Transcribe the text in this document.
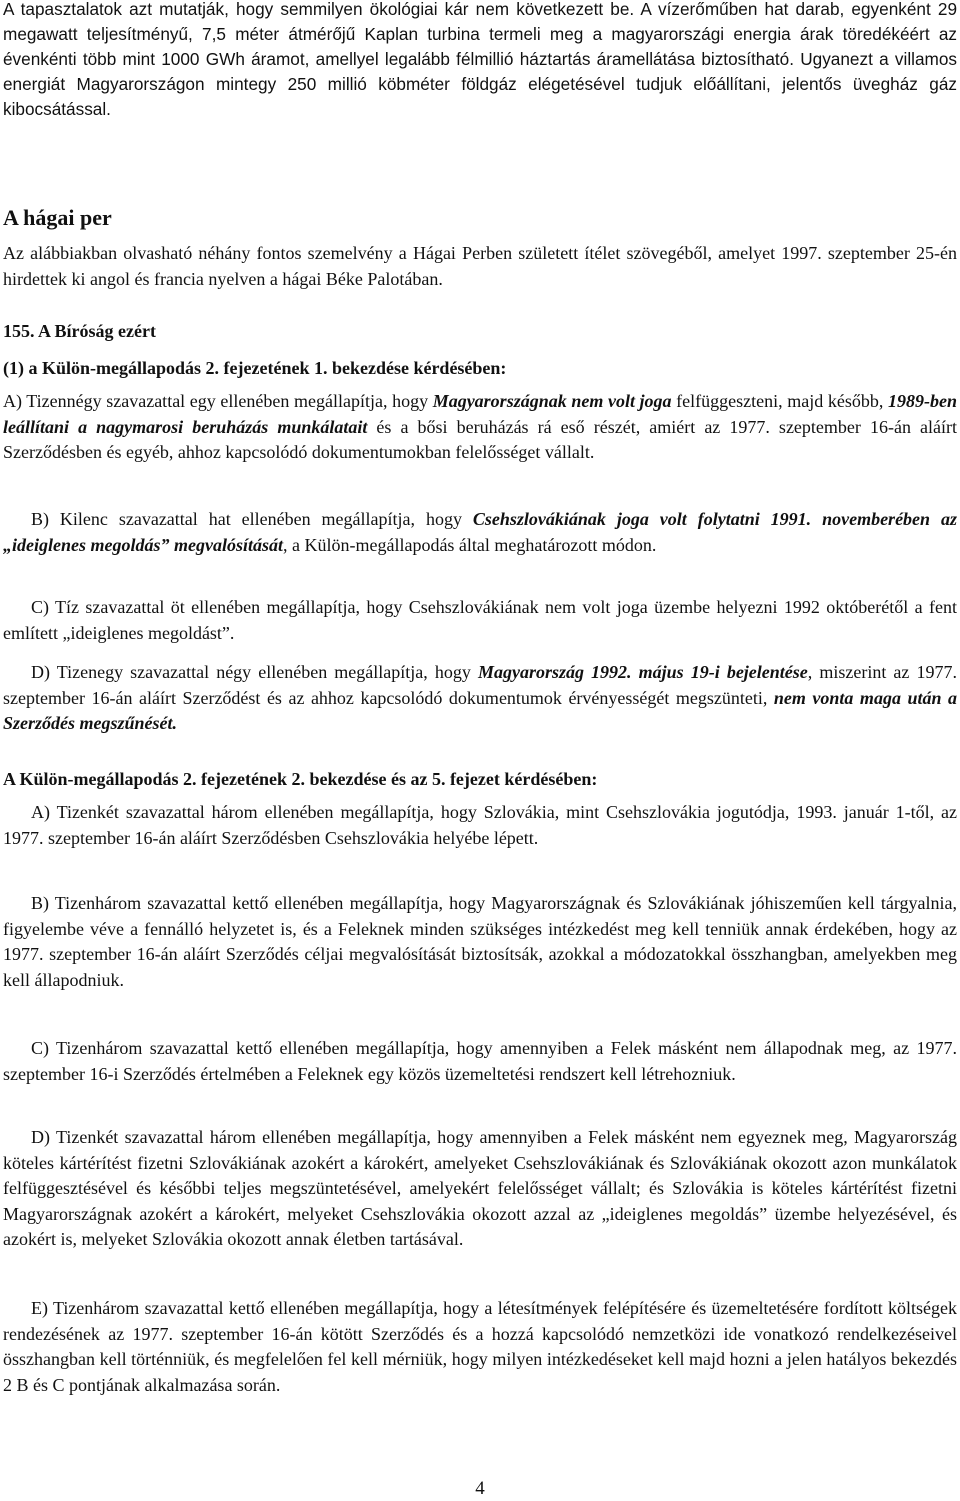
A tapasztalatok azt mutatják, hogy semmilyen ökológiai kár nem következett be. A vízerőműben hat darab, egyenként 29 megawatt teljesítményű, 7,5 méter átmérőjű Kaplan turbina termeli meg a magyarországi energia árak töredékéért az évenkénti több mint 1000 GWh áramot, amellyel legalább félmillió háztartás áramellátása biztosítható. Ugyanezt a villamos energiát Magyarországon mintegy 250 millió köbméter földgáz elégetésével tudjuk előállítani, jelentős üvegház gáz kibocsátással.

A hágai per

Az alábbiakban olvasható néhány fontos szemelvény a Hágai Perben született ítélet szövegéből, amelyet 1997. szeptember 25-én hirdettek ki angol és francia nyelven a hágai Béke Palotában.

155. A Bíróság ezért
(1) a Külön-megállapodás 2. fejezetének 1. bekezdése kérdésében:

A) Tizennégy szavazattal egy ellenében megállapítja, hogy Magyarországnak nem volt joga felfüggeszteni, majd később, 1989-ben leállítani a nagymarosi beruházás munkálatait és a bősi beruházás rá eső részét, amiért az 1977. szeptember 16-án aláírt Szerződésben és egyéb, ahhoz kapcsolódó dokumentumokban felelősséget vállalt.

B) Kilenc szavazattal hat ellenében megállapítja, hogy Csehszlovákiának joga volt folytatni 1991. novemberében az „ideiglenes megoldás” megvalósítását, a Külön-megállapodás által meghatározott módon.

C) Tíz szavazattal öt ellenében megállapítja, hogy Csehszlovákiának nem volt joga üzembe helyezni 1992 októberétől a fent említett „ideiglenes megoldást”.

D) Tizenegy szavazattal négy ellenében megállapítja, hogy Magyarország 1992. május 19-i bejelentése, miszerint az 1977. szeptember 16-án aláírt Szerződést és az ahhoz kapcsolódó dokumentumok érvényességét megszünteti, nem vonta maga után a Szerződés megszűnését.

A Külön-megállapodás 2. fejezetének 2. bekezdése és az 5. fejezet kérdésében:

A) Tizenkét szavazattal három ellenében megállapítja, hogy Szlovákia, mint Csehszlovákia jogutódja, 1993. január 1-től, az 1977. szeptember 16-án aláírt Szerződésben Csehszlovákia helyébe lépett.

B) Tizenhárom szavazattal kettő ellenében megállapítja, hogy Magyarországnak és Szlovákiának jóhiszeműen kell tárgyalnia, figyelembe véve a fennálló helyzetet is, és a Feleknek minden szükséges intézkedést meg kell tenniük annak érdekében, hogy az 1977. szeptember 16-án aláírt Szerződés céljai megvalósítását biztosítsák, azokkal a módozatokkal összhangban, amelyekben meg kell állapodniuk.

C) Tizenhárom szavazattal kettő ellenében megállapítja, hogy amennyiben a Felek másként nem állapodnak meg, az 1977. szeptember 16-i Szerződés értelmében a Feleknek egy közös üzemeltetési rendszert kell létrehozniuk.

D) Tizenkét szavazattal három ellenében megállapítja, hogy amennyiben a Felek másként nem egyeznek meg, Magyarország köteles kártérítést fizetni Szlovákiának azokért a károkért, amelyeket Csehszlovákiának és Szlovákiának okozott azon munkálatok felfüggesztésével és későbbi teljes megszüntetésével, amelyekért felelősséget vállalt; és Szlovákia is köteles kártérítést fizetni Magyarországnak azokért a károkért, melyeket Csehszlovákia okozott azzal az „ideiglenes megoldás” üzembe helyezésével, és azokért is, melyeket Szlovákia okozott annak életben tartásával.

E) Tizenhárom szavazattal kettő ellenében megállapítja, hogy a létesítmények felépítésére és üzemeltetésére fordított költségek rendezésének az 1977. szeptember 16-án kötött Szerződés és a hozzá kapcsolódó nemzetközi ide vonatkozó rendelkezéseivel összhangban kell történniük, és megfelelően fel kell mérniük, hogy milyen intézkedéseket kell majd hozni a jelen hatályos bekezdés 2 B és C pontjának alkalmazása során.

4
